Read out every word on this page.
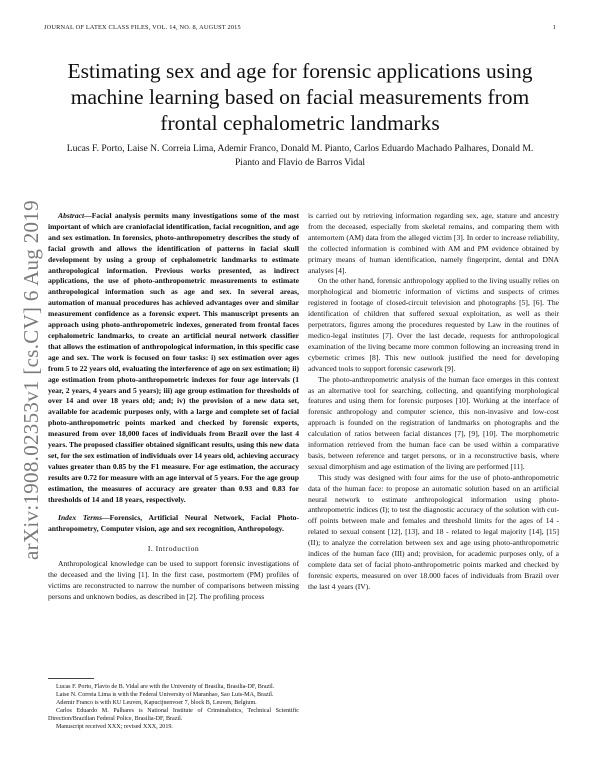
JOURNAL OF LATEX CLASS FILES, VOL. 14, NO. 8, AUGUST 2015	1
Estimating sex and age for forensic applications using machine learning based on facial measurements from frontal cephalometric landmarks
Lucas F. Porto, Laise N. Correia Lima, Ademir Franco, Donald M. Pianto, Carlos Eduardo Machado Palhares, Donald M. Pianto and Flavio de Barros Vidal
arXiv:1908.02353v1 [cs.CV] 6 Aug 2019	Abstract—Facial analysis permits many investigations some of the most important of which are craniofacial identification, facial recognition, and age and sex estimation. In forensics, photo-anthropometry describes the study of facial growth and allows the identification of patterns in facial skull development by using a group of cephalometric landmarks to estimate anthropological information. Previous works presented, as indirect applications, the use of photo-anthropometric measurements to estimate anthropological information such as age and sex. In several areas, automation of manual procedures has achieved advantages over and similar measurement confidence as a forensic expert. This manuscript presents an approach using photo-anthropometric indexes, generated from frontal faces cephalometric landmarks, to create an artificial neural network classifier that allows the estimation of anthropological information, in this specific case age and sex. The work is focused on four tasks: i) sex estimation over ages from 5 to 22 years old, evaluating the interference of age on sex estimation; ii) age estimation from photo-anthropometric indexes for four age intervals (1 year, 2 years, 4 years and 5 years); iii) age group estimation for thresholds of over 14 and over 18 years old; and; iv) the provision of a new data set, available for academic purposes only, with a large and complete set of facial photo-anthropometric points marked and checked by forensic experts, measured from over 18,000 faces of individuals from Brazil over the last 4 years. The proposed classifier obtained significant results, using this new data set, for the sex estimation of individuals over 14 years old, achieving accuracy values greater than 0.85 by the F1 measure. For age estimation, the accuracy results are 0.72 for measure with an age interval of 5 years. For the age group estimation, the measures of accuracy are greater than 0.93 and 0.83 for thresholds of 14 and 18 years, respectively.

Index Terms—Forensics, Artificial Neural Network, Facial Photo-anthropometry, Computer vision, age and sex recognition, Anthropology.

I. Introduction

Anthropological knowledge can be used to support forensic investigations of the deceased and the living [1]. In the first case, postmortem (PM) profiles of victims are reconstructed to narrow the number of comparisons between missing persons and unknown bodies, as described in [2]. The profiling process

Lucas F. Porto, Flavio de B. Vidal are with the University of Brasilia, Brasilia-DF, Brazil.

Laise N. Correia Lima is with the Federal University of Maranhao, Sao Luis-MA, Brazil.

Ademir Franco is with KU Leuven, Kapucijnenvoer 7, block B, Leuven, Belgium.

Carlos Eduardo M. Palhares is National Institute of Criminalistics, Technical Scientific Direction/Brazilian Federal Police, Brasilia-DF, Brazil.

Manuscript received XXX; revised XXX, 2019.

is carried out by retrieving information regarding sex, age, stature and ancestry from the deceased, especially from skeletal remains, and comparing them with antemortem (AM) data from the alleged victim [3]. In order to increase reliability, the collected information is combined with AM and PM evidence obtained by primary means of human identification, namely fingerprint, dental and DNA analyses [4].

On the other hand, forensic anthropology applied to the living usually relies on morphological and biometric information of victims and suspects of crimes registered in footage of closed-circuit television and photographs [5], [6]. The identification of children that suffered sexual exploitation, as well as their perpetrators, figures among the procedures requested by Law in the routines of medico-legal institutes [7]. Over the last decade, requests for anthropological examination of the living became more common following an increasing trend in cybernetic crimes [8]. This new outlook justified the need for developing advanced tools to support forensic casework [9].

The photo-anthropometric analysis of the human face emerges in this context as an alternative tool for searching, collecting, and quantifying morphological features and using them for forensic purposes [10]. Working at the interface of forensic anthropology and computer science, this non-invasive and low-cost approach is founded on the registration of landmarks on photographs and the calculation of ratios between facial distances [7], [9], [10]. The morphometric information retrieved from the human face can be used within a comparative basis, between reference and target persons, or in a reconstructive basis, where sexual dimorphism and age estimation of the living are performed [11].

This study was designed with four aims for the use of photo-anthropometric data of the human face: to propose an automatic solution based on an artificial neural network to estimate anthropological information using photo-anthropometric indices (I); to test the diagnostic accuracy of the solution with cut-off points between male and females and threshold limits for the ages of 14 - related to sexual consent [12], [13], and 18 - related to legal majority [14], [15] (II); to analyze the correlation between sex and age using photo-anthropometric indices of the human face (III) and; provision, for academic purposes only, of a complete data set of facial photo-anthropometric points marked and checked by forensic experts, measured on over 18.000 faces of individuals from Brazil over the last 4 years (IV).
